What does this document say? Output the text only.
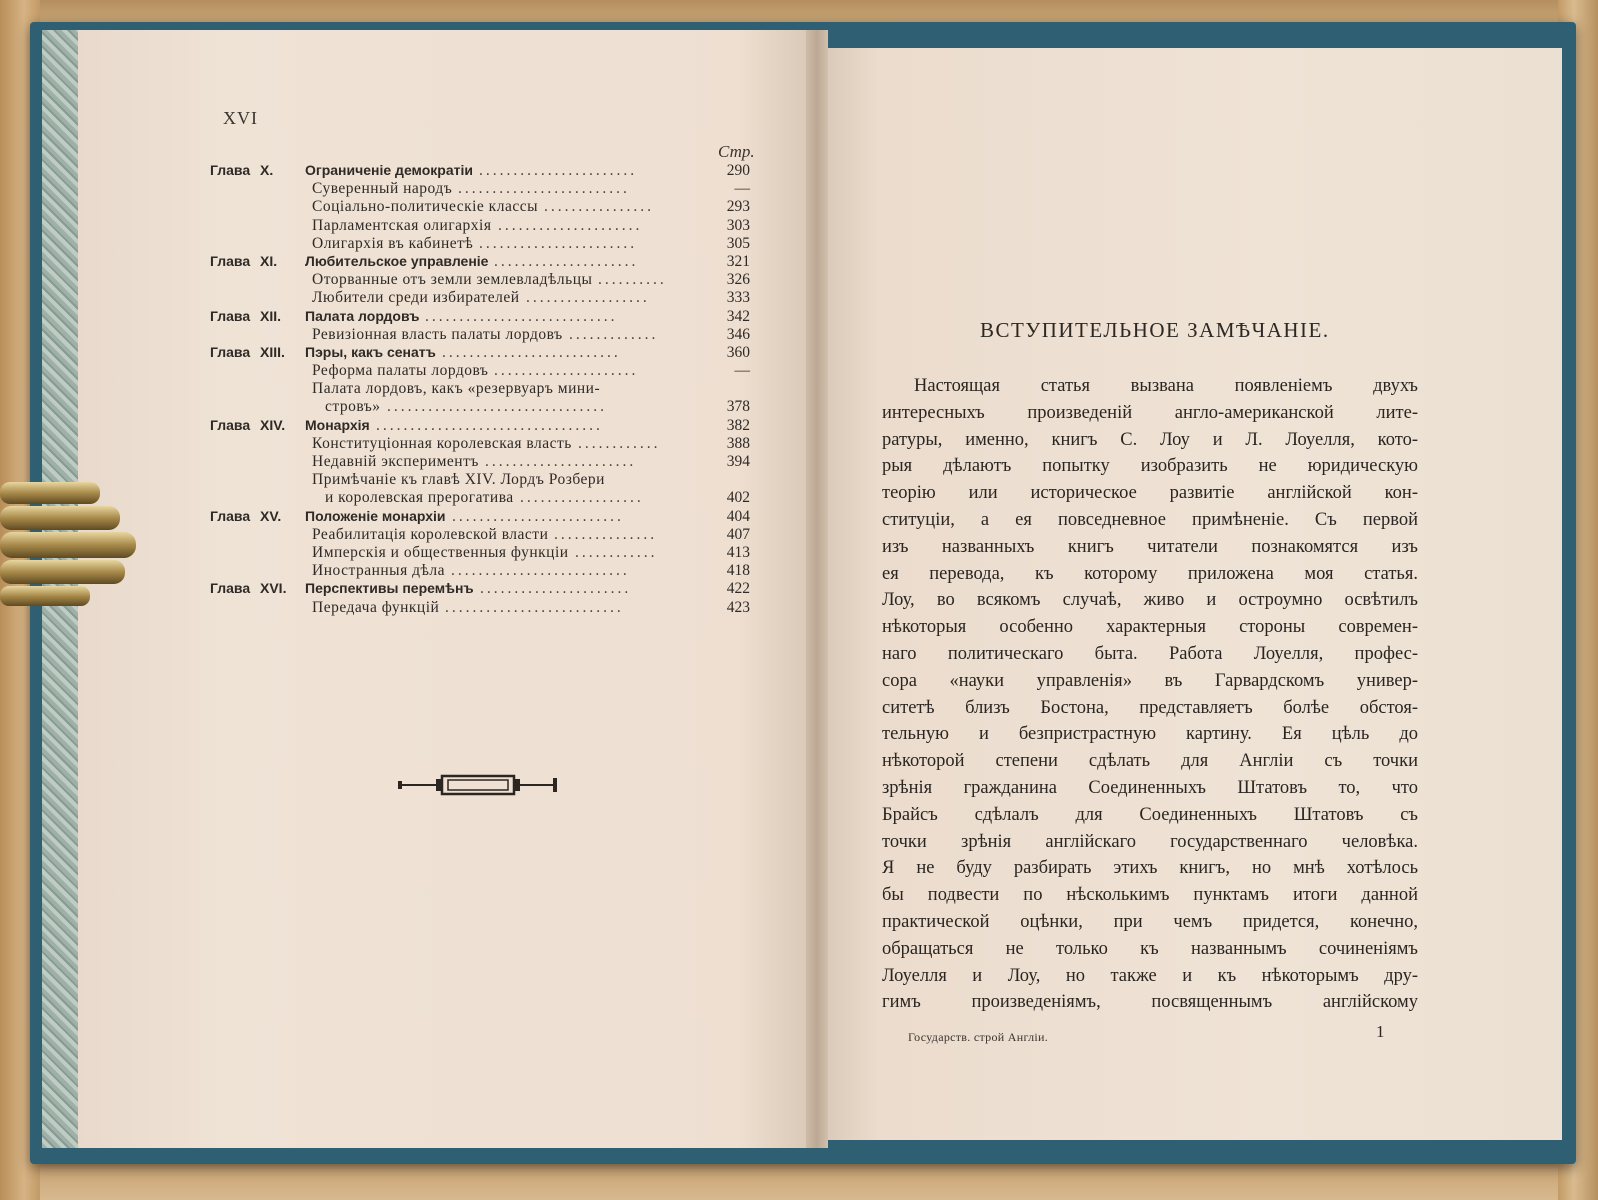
XVI
Стр.
Глава X. Ограниченіе демократіи	290
.......................
Суверенный народъ	—
.........................
Соціально-политическіе классы	293
................
Парламентская олигархія	303
.....................
Олигархія въ кабинетѣ	305
.......................
Глава XI. Любительское управленіе	321
.....................
Оторванные отъ земли землевладѣльцы	326
..........
Любители среди избирателей	333
..................
Глава XII. Палата лордовъ	342
............................
Ревизіонная власть палаты лордовъ	346
.............
Глава XIII. Пэры, какъ сенатъ	360
..........................
Реформа палаты лордовъ	—
.....................
Палата лордовъ, какъ «резервуаръ мини-
стровъ»	378
................................
Глава XIV. Монархія	382
.................................
Конституціонная королевская власть	388
............
Недавній экспериментъ	394
......................
Примѣчаніе къ главѣ XIV. Лордъ Розбери
и королевская прерогатива	402
..................
Глава XV. Положеніе монархіи	404
.........................
Реабилитація королевской власти	407
...............
Имперскія и общественныя функціи	413
............
Иностранныя дѣла	418
..........................
Глава XVI. Перспективы перемѣнъ	422
......................
Передача функцій	423
..........................
ВСТУПИТЕЛЬНОЕ ЗАМѢЧАНІЕ.
Настоящая статья вызвана появленіемъ двухъ
интересныхъ произведеній англо-американской лите-
ратуры, именно, книгъ С. Лоу и Л. Лоуелля, кото-
рыя дѣлаютъ попытку изобразить не юридическую
теорію или историческое развитіе англійской кон-
ституціи, а ея повседневное примѣненіе. Съ первой
изъ названныхъ книгъ читатели познакомятся изъ
ея перевода, къ которому приложена моя статья.
Лоу, во всякомъ случаѣ, живо и остроумно освѣтилъ
нѣкоторыя особенно характерныя стороны современ-
наго политическаго быта. Работа Лоуелля, профес-
сора «науки управленія» въ Гарвардскомъ универ-
ситетѣ близъ Бостона, представляетъ болѣе обстоя-
тельную и безпристрастную картину. Ея цѣль до
нѣкоторой степени сдѣлать для Англіи съ точки
зрѣнія гражданина Соединенныхъ Штатовъ то, что
Брайсъ сдѣлалъ для Соединенныхъ Штатовъ съ
точки зрѣнія англійскаго государственнаго человѣка.
Я не буду разбирать этихъ книгъ, но мнѣ хотѣлось
бы подвести по нѣсколькимъ пунктамъ итоги данной
практической оцѣнки, при чемъ придется, конечно,
обращаться не только къ названнымъ сочиненіямъ
Лоуелля и Лоу, но также и къ нѣкоторымъ дру-
гимъ произведеніямъ, посвященнымъ англійскому
Государств. строй Англіи.	1
